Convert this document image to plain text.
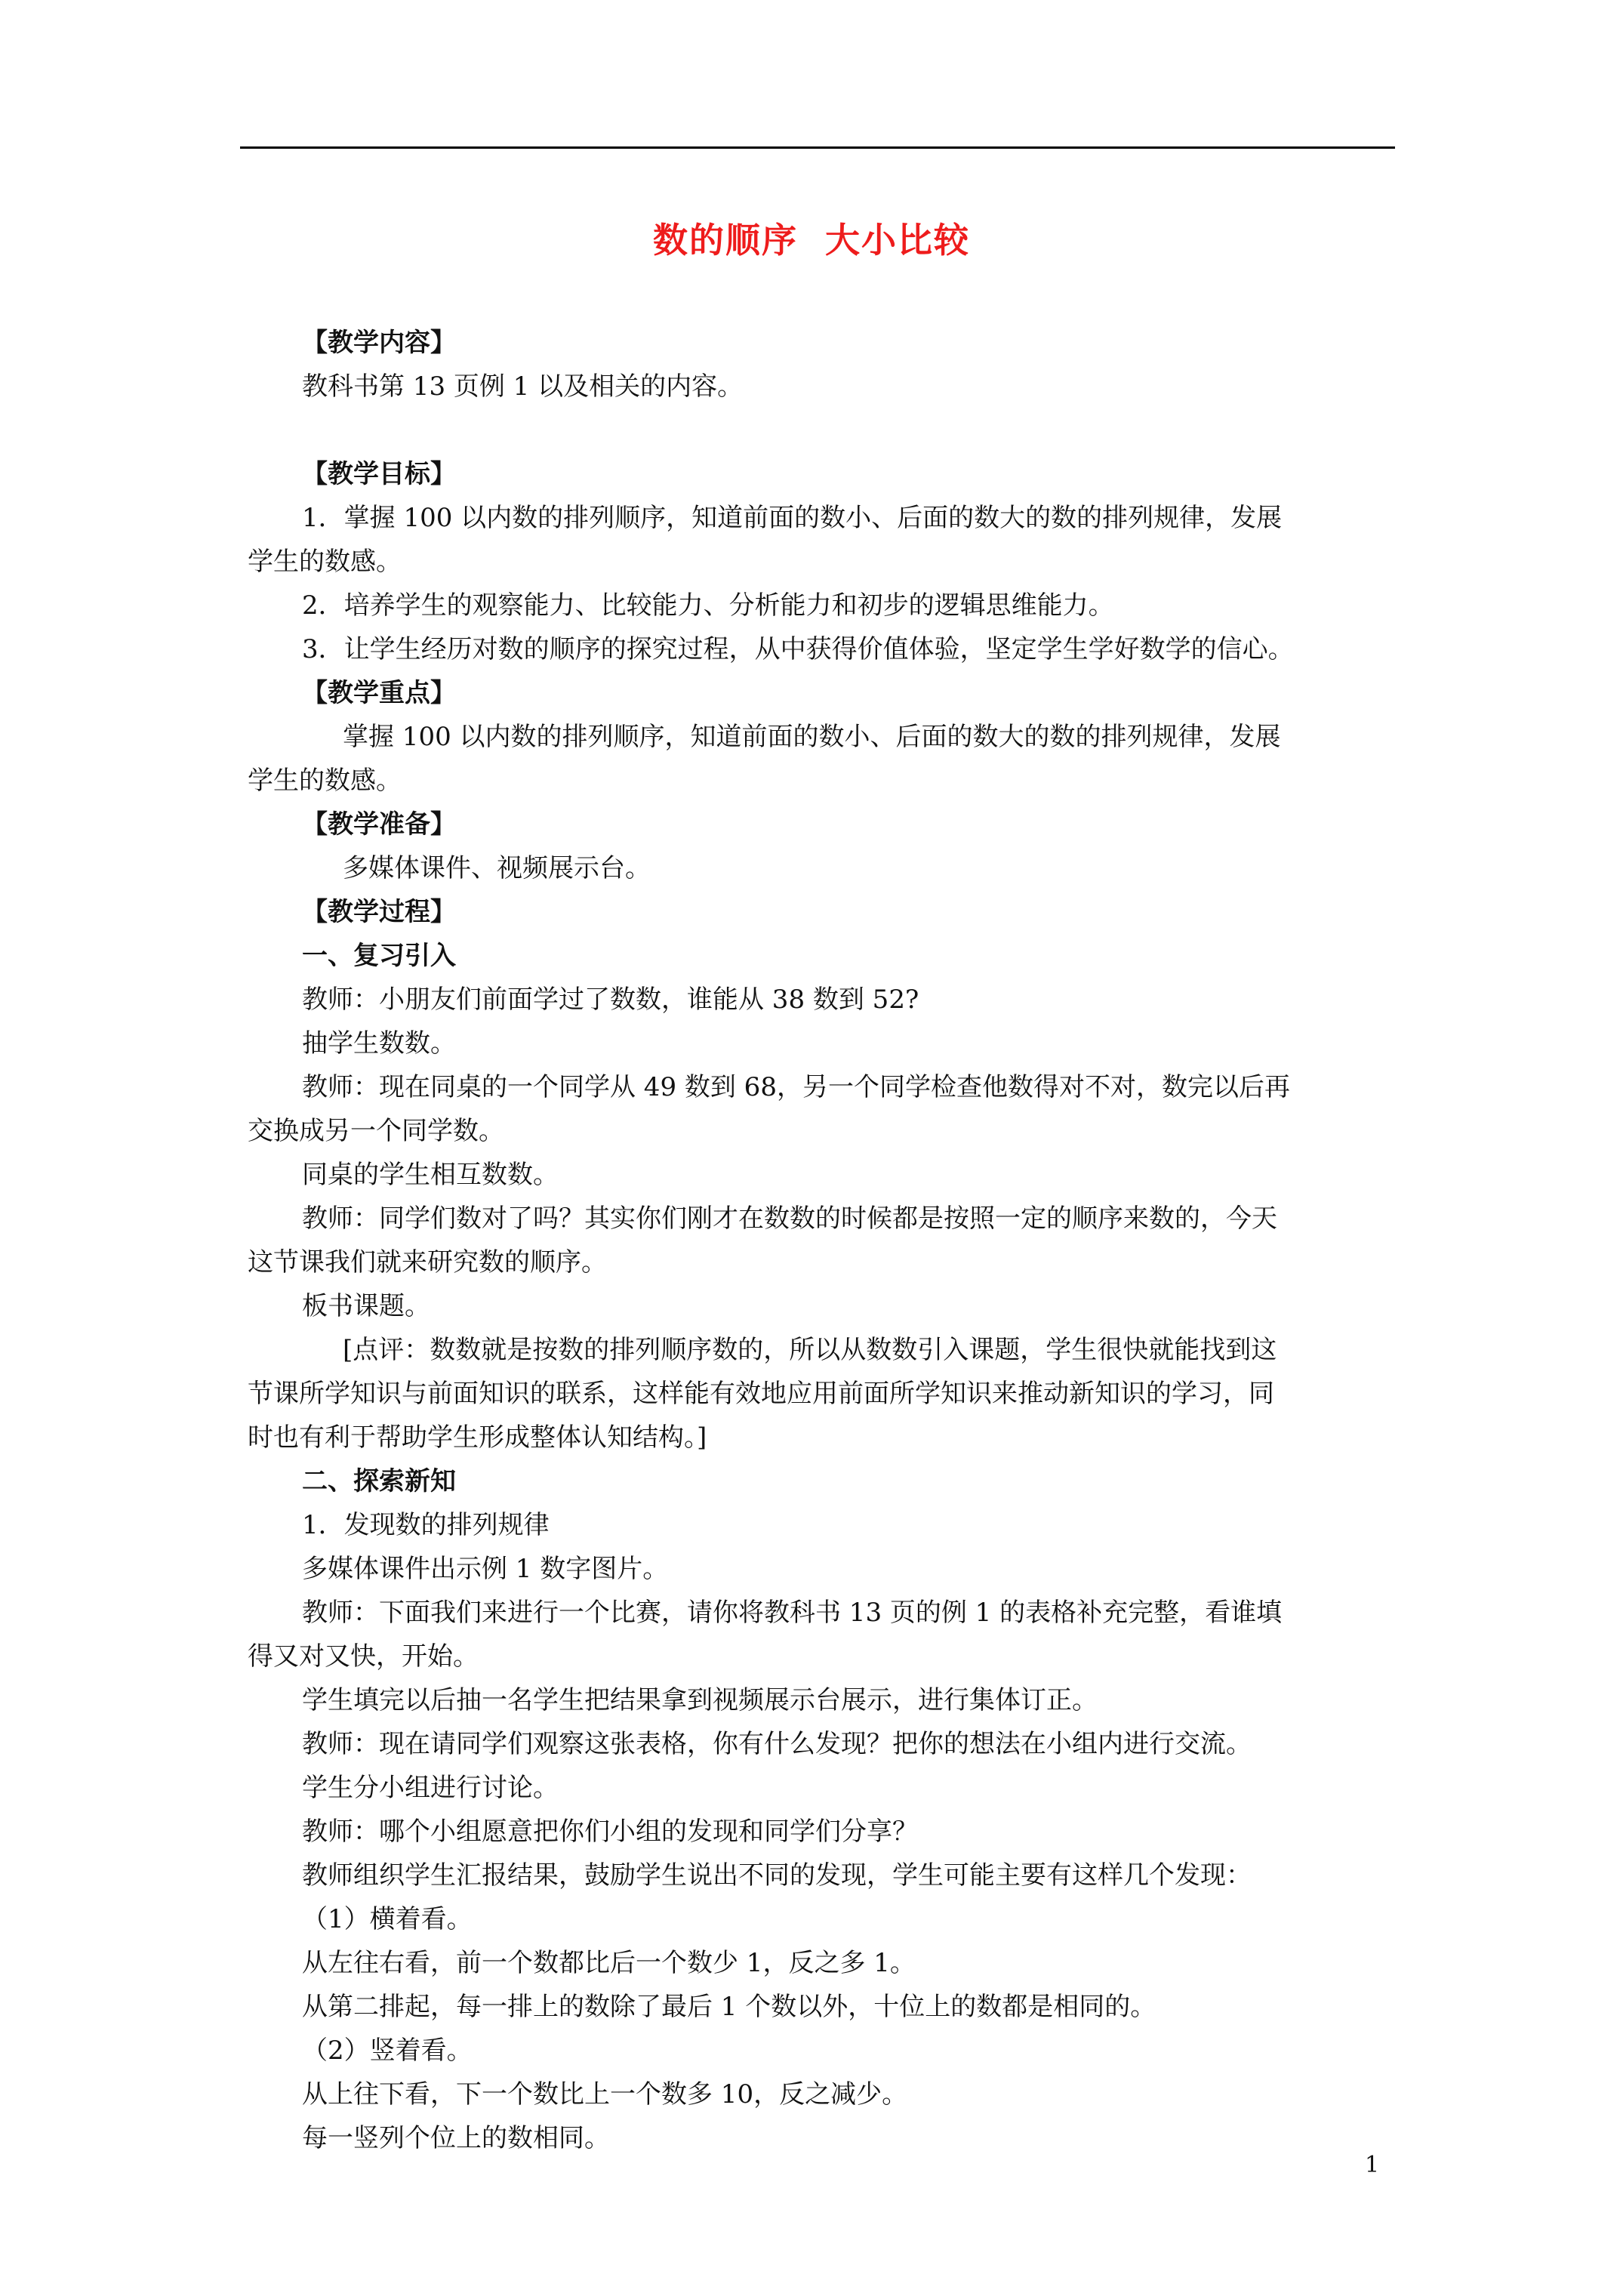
数的顺序  大小比较
【教学内容】
教科书第 13 页例 1 以及相关的内容。
【教学目标】
1．掌握 100 以内数的排列顺序，知道前面的数小、后面的数大的数的排列规律，发展
学生的数感。
2．培养学生的观察能力、比较能力、分析能力和初步的逻辑思维能力。
3．让学生经历对数的顺序的探究过程，从中获得价值体验，坚定学生学好数学的信心。
【教学重点】
掌握 100 以内数的排列顺序，知道前面的数小、后面的数大的数的排列规律，发展
学生的数感。
【教学准备】
多媒体课件、视频展示台。
【教学过程】
一、复习引入
教师：小朋友们前面学过了数数，谁能从 38 数到 52?
抽学生数数。
教师：现在同桌的一个同学从 49 数到 68，另一个同学检查他数得对不对，数完以后再
交换成另一个同学数。
同桌的学生相互数数。
教师：同学们数对了吗？其实你们刚才在数数的时候都是按照一定的顺序来数的，今天
这节课我们就来研究数的顺序。
板书课题。
[点评：数数就是按数的排列顺序数的，所以从数数引入课题，学生很快就能找到这
节课所学知识与前面知识的联系，这样能有效地应用前面所学知识来推动新知识的学习，同
时也有利于帮助学生形成整体认知结构。]
二、探索新知
1．发现数的排列规律
多媒体课件出示例 1 数字图片。
教师：下面我们来进行一个比赛，请你将教科书 13 页的例 1 的表格补充完整，看谁填
得又对又快，开始。
学生填完以后抽一名学生把结果拿到视频展示台展示，进行集体订正。
教师：现在请同学们观察这张表格，你有什么发现？把你的想法在小组内进行交流。
学生分小组进行讨论。
教师：哪个小组愿意把你们小组的发现和同学们分享？
教师组织学生汇报结果，鼓励学生说出不同的发现，学生可能主要有这样几个发现：
（1）横着看。
从左往右看，前一个数都比后一个数少 1，反之多 1。
从第二排起，每一排上的数除了最后 1 个数以外，十位上的数都是相同的。
（2）竖着看。
从上往下看，下一个数比上一个数多 10，反之减少。
每一竖列个位上的数相同。
1
